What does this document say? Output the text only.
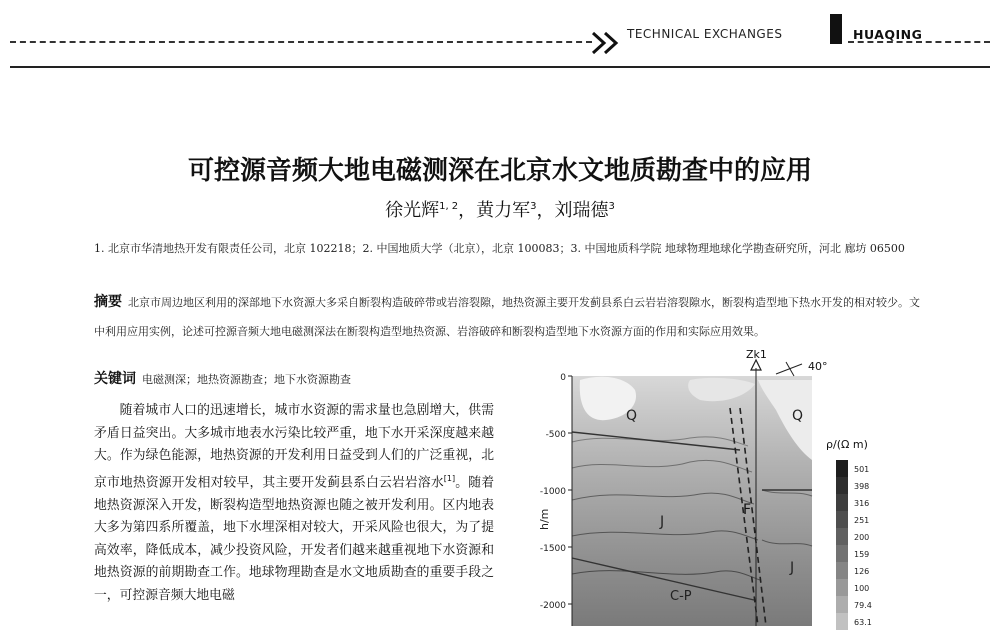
TECHNICAL EXCHANGES	HUAQING
可控源音频大地电磁测深在北京水文地质勘查中的应用
徐光辉$^{1, 2}$，黄力军$^3$，刘瑞德$^3$
1. 北京市华清地热开发有限责任公司，北京 102218；2. 中国地质大学（北京），北京 100083；3. 中国地质科学院 地球物理地球化学勘查研究所，河北 廊坊 06500
摘要 北京市周边地区利用的深部地下水资源大多采自断裂构造破碎带或岩溶裂隙，地热资源主要开发蓟县系白云岩岩溶裂隙水，断裂构造型地下热水开发的相对较少。文中利用应用实例，论述可控源音频大地电磁测深法在断裂构造型地热资源、岩溶破碎和断裂构造型地下水资源方面的作用和实际应用效果。
关键词 电磁测深；地热资源勘查；地下水资源勘查

随着城市人口的迅速增长，城市水资源的需求量也急剧增大，供需矛盾日益突出。大多城市地表水污染比较严重，地下水开采深度越来越大。作为绿色能源，地热资源的开发利用日益受到人们的广泛重视，北京市地热资源开发相对较早，其主要开发蓟县系白云岩岩溶水[1]。随着地热资源深入开发，断裂构造型地热资源也随之被开发利用。区内地表大多为第四系所覆盖，地下水埋深相对较大，开采风险也很大，为了提高效率，降低成本，减少投资风险，开发者们越来越重视地下水资源和地热资源的前期勘查工作。地球物理勘查是水文地质勘查的重要手段之一，可控源音频大地电磁

0
-500
-1000
-1500
-2000
h/m
Zk1
40°
Q	Q
F
J
J
C-P
ρ/(Ω m)
501
398
316
251
200
159
126
100
79.4
63.1
